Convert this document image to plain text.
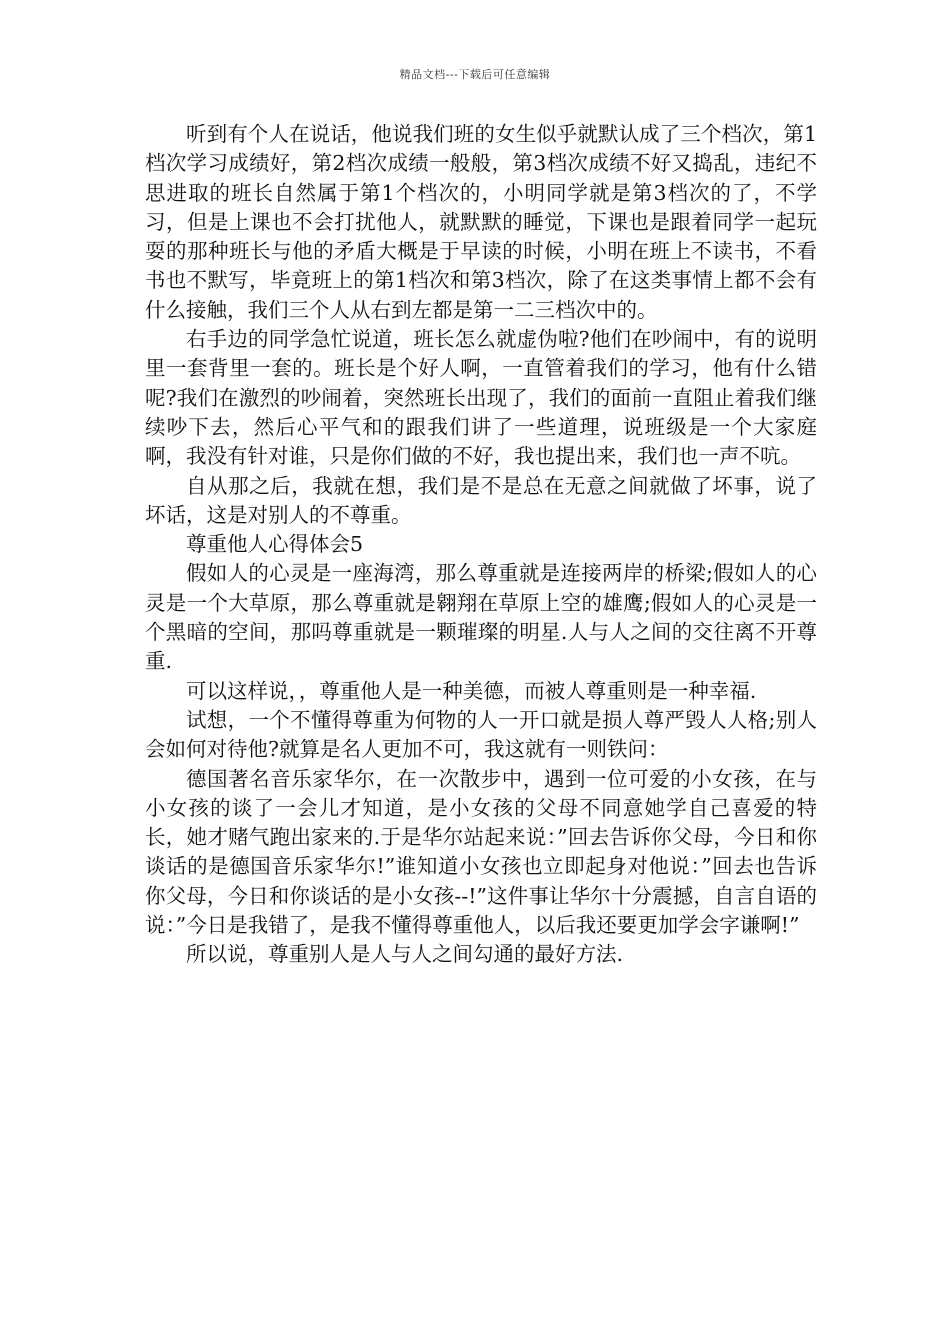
精品文档---下载后可任意编辑

听到有个人在说话，他说我们班的女生似乎就默认成了三个档次，第1档次学习成绩好，第2档次成绩一般般，第3档次成绩不好又捣乱，违纪不思进取的班长自然属于第1个档次的，小明同学就是第3档次的了，不学习，但是上课也不会打扰他人，就默默的睡觉，下课也是跟着同学一起玩耍的那种班长与他的矛盾大概是于早读的时候，小明在班上不读书，不看书也不默写，毕竟班上的第1档次和第3档次，除了在这类事情上都不会有什么接触，我们三个人从右到左都是第一二三档次中的。

右手边的同学急忙说道，班长怎么就虚伪啦?他们在吵闹中，有的说明里一套背里一套的。班长是个好人啊，一直管着我们的学习，他有什么错呢?我们在激烈的吵闹着，突然班长出现了，我们的面前一直阻止着我们继续吵下去，然后心平气和的跟我们讲了一些道理，说班级是一个大家庭啊，我没有针对谁，只是你们做的不好，我也提出来，我们也一声不吭。

自从那之后，我就在想，我们是不是总在无意之间就做了坏事，说了坏话，这是对别人的不尊重。

尊重他人心得体会5

假如人的心灵是一座海湾，那么尊重就是连接两岸的桥梁;假如人的心灵是一个大草原，那么尊重就是翱翔在草原上空的雄鹰;假如人的心灵是一个黑暗的空间，那吗尊重就是一颗璀璨的明星.人与人之间的交往离不开尊重.

可以这样说，，尊重他人是一种美德，而被人尊重则是一种幸福.

试想，一个不懂得尊重为何物的人一开口就是损人尊严毁人人格;别人会如何对待他?就算是名人更加不可，我这就有一则铁问：

德国著名音乐家华尔，在一次散步中，遇到一位可爱的小女孩，在与小女孩的谈了一会儿才知道，是小女孩的父母不同意她学自己喜爱的特长，她才赌气跑出家来的.于是华尔站起来说：”回去告诉你父母，今日和你谈话的是德国音乐家华尔!”谁知道小女孩也立即起身对他说：”回去也告诉你父母，今日和你谈话的是小女孩--!”这件事让华尔十分震撼，自言自语的说：”今日是我错了，是我不懂得尊重他人，以后我还要更加学会字谦啊!”

所以说，尊重别人是人与人之间勾通的最好方法.
